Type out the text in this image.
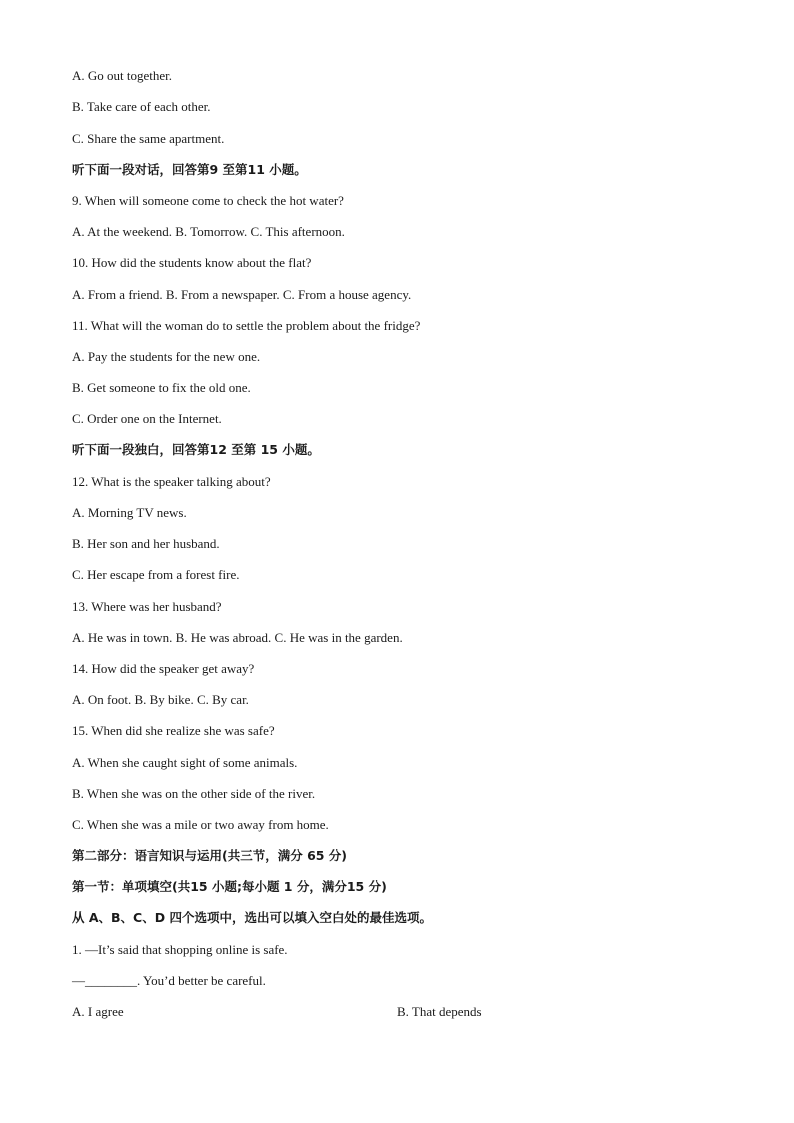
A. Go out together.
B. Take care of each other.
C. Share the same apartment.
听下面一段对话，回答第9 至第11 小题。
9. When will someone come to check the hot water?
A. At the weekend. B. Tomorrow. C. This afternoon.
10. How did the students know about the flat?
A. From a friend. B. From a newspaper. C. From a house agency.
11. What will the woman do to settle the problem about the fridge?
A. Pay the students for the new one.
B. Get someone to fix the old one.
C. Order one on the Internet.
听下面一段独白，回答第12 至第 15 小题。
12. What is the speaker talking about?
A. Morning TV news.
B. Her son and her husband.
C. Her escape from a forest fire.
13. Where was her husband?
A. He was in town. B. He was abroad. C. He was in the garden.
14. How did the speaker get away?
A. On foot. B. By bike. C. By car.
15. When did she realize she was safe?
A. When she caught sight of some animals.
B. When she was on the other side of the river.
C. When she was a mile or two away from home.
第二部分：语言知识与运用(共三节，满分 65 分)
第一节：单项填空(共15 小题;每小题 1 分，满分15 分)
从 A、B、C、D 四个选项中，选出可以填入空白处的最佳选项。
1. —It’s said that shopping online is safe.
—________. You’d better be careful.
A. I agree	B. That depends
